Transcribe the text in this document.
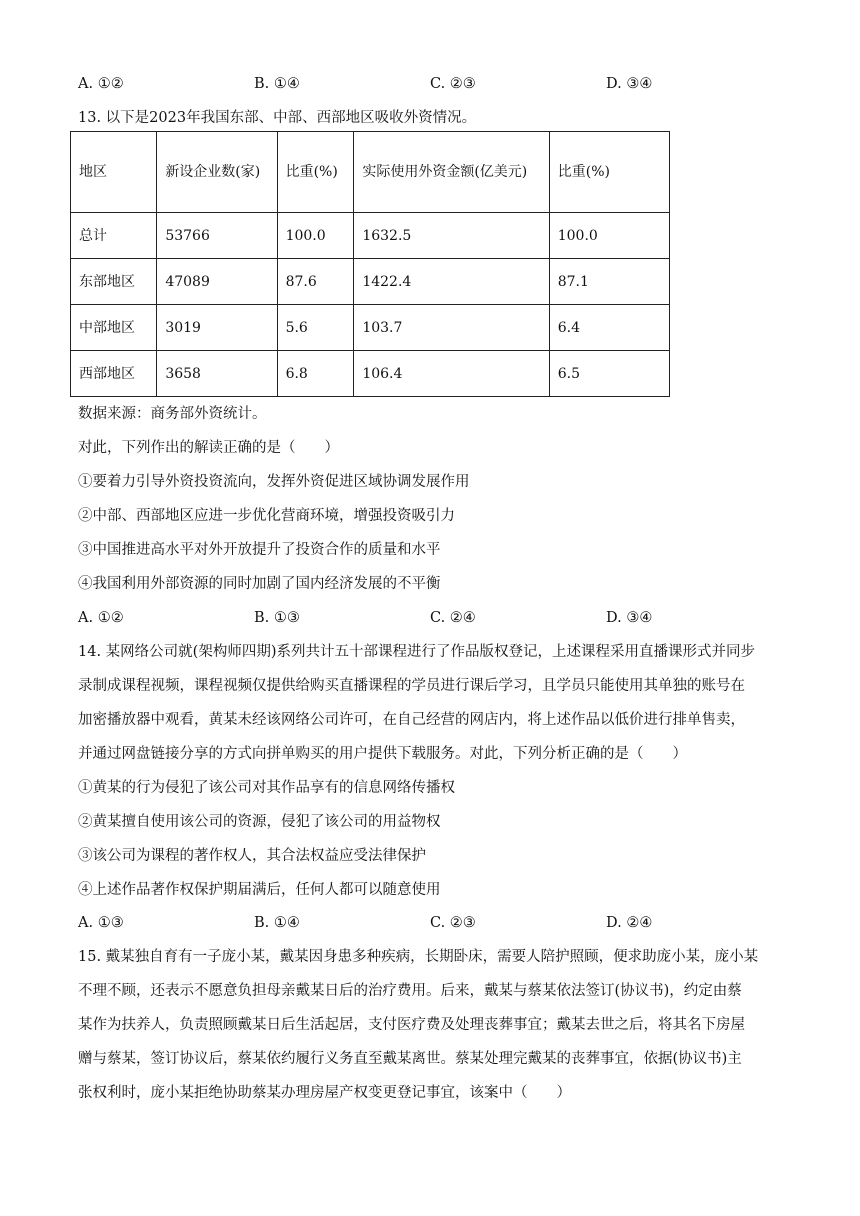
A. ①②	B. ①④	C. ②③	D. ③④
13. 以下是2023年我国东部、中部、西部地区吸收外资情况。
地区	新设企业数(家)	比重(%)	实际使用外资金额(亿美元)	比重(%)
总计	53766	100.0	1632.5	100.0
东部地区	47089	87.6	1422.4	87.1
中部地区	3019	5.6	103.7	6.4
西部地区	3658	6.8	106.4	6.5
数据来源：商务部外资统计。
对此，下列作出的解读正确的是（　　）
①要着力引导外资投资流向，发挥外资促进区域协调发展作用
②中部、西部地区应进一步优化营商环境，增强投资吸引力
③中国推进高水平对外开放提升了投资合作的质量和水平
④我国利用外部资源的同时加剧了国内经济发展的不平衡
A. ①②	B. ①③	C. ②④	D. ③④
14. 某网络公司就(架构师四期)系列共计五十部课程进行了作品版权登记，上述课程采用直播课形式并同步
录制成课程视频，课程视频仅提供给购买直播课程的学员进行课后学习，且学员只能使用其单独的账号在
加密播放器中观看，黄某未经该网络公司许可，在自己经营的网店内，将上述作品以低价进行排单售卖，
并通过网盘链接分享的方式向拼单购买的用户提供下载服务。对此，下列分析正确的是（　　）
①黄某的行为侵犯了该公司对其作品享有的信息网络传播权
②黄某擅自使用该公司的资源，侵犯了该公司的用益物权
③该公司为课程的著作权人，其合法权益应受法律保护
④上述作品著作权保护期届满后，任何人都可以随意使用
A. ①③	B. ①④	C. ②③	D. ②④
15. 戴某独自育有一子庞小某，戴某因身患多种疾病，长期卧床，需要人陪护照顾，便求助庞小某，庞小某
不理不顾，还表示不愿意负担母亲戴某日后的治疗费用。后来，戴某与蔡某依法签订(协议书)，约定由蔡
某作为扶养人，负责照顾戴某日后生活起居，支付医疗费及处理丧葬事宜；戴某去世之后，将其名下房屋
赠与蔡某，签订协议后，蔡某依约履行义务直至戴某离世。蔡某处理完戴某的丧葬事宜，依据(协议书)主
张权利时，庞小某拒绝协助蔡某办理房屋产权变更登记事宜，该案中（　　）
